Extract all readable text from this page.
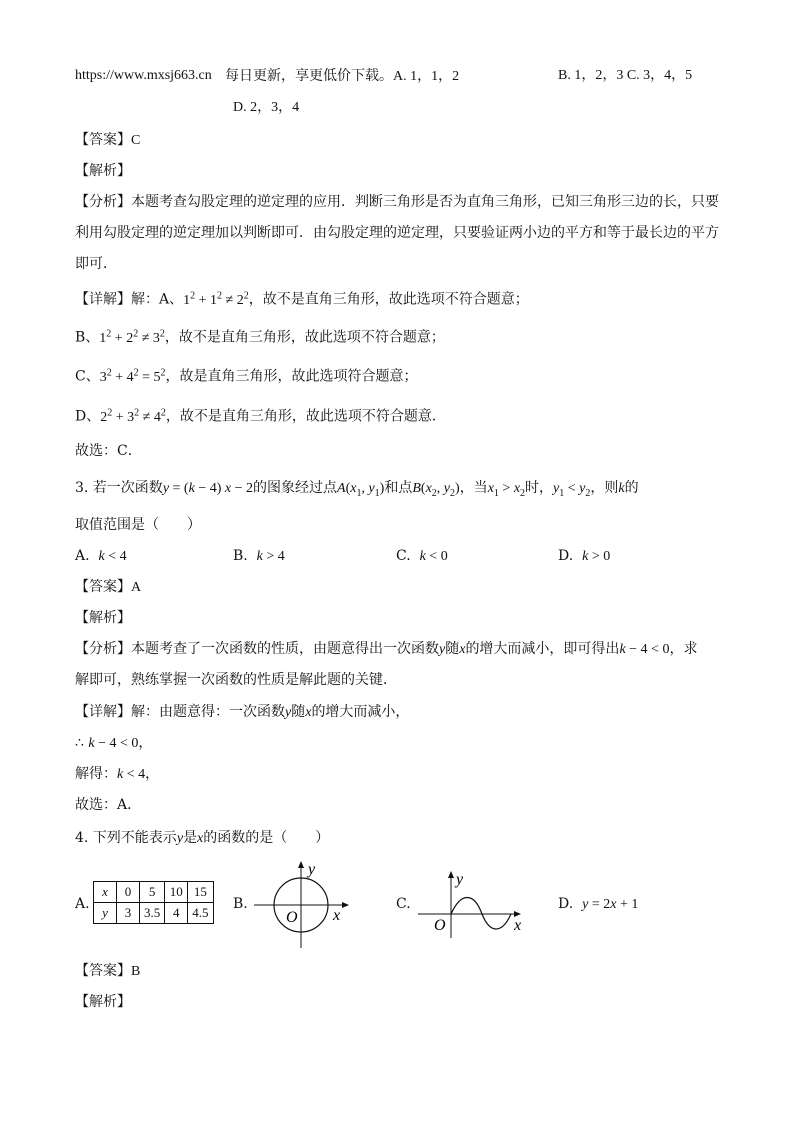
https://www.mxsj663.cn 每日更新，享更低价下载。A. 1，1，2	B. 1，2，3 C. 3，4，5
D. 2，3，4
【答案】C
【解析】
【分析】本题考查勾股定理的逆定理的应用．判断三角形是否为直角三角形，已知三角形三边的长，只要
利用勾股定理的逆定理加以判断即可．由勾股定理的逆定理，只要验证两小边的平方和等于最长边的平方
即可．
【详解】解：A、$1^2 + 1^2 \ne 2^2$，故不是直角三角形，故此选项不符合题意；
B、$1^2 + 2^2 \ne 3^2$，故不是直角三角形，故此选项不符合题意；
C、$3^2 + 4^2 = 5^2$，故是直角三角形，故此选项符合题意；
D、$2^2 + 3^2 \ne 4^2$，故不是直角三角形，故此选项不符合题意．
故选：C．
3. 若一次函数y = (k − 4) x − 2的图象经过点$A(x_1$, $y_1$)和点$B(x_2$, $y_2$)，当$x_1 > x_2$时，$y_1 < y_2$，则k的
取值范围是（　　）
A. k < 4	B. k > 4	C. k < 0	D. k > 0
【答案】A
【解析】
【分析】本题考查了一次函数的性质，由题意得出一次函数y随x的增大而减小，即可得出k − 4 < 0，求
解即可，熟练掌握一次函数的性质是解此题的关键．
【详解】解：由题意得：一次函数y随x的增大而减小，
∴ k − 4 < 0，
解得：k < 4，
故选：A．
4. 下列不能表示y是x的函数的是（　　）
A.
x	0	5	10	15
y	3	3.5	4	4.5
B.
x
y
O
C.
x
y
O
D. y = 2x + 1
【答案】B
【解析】
